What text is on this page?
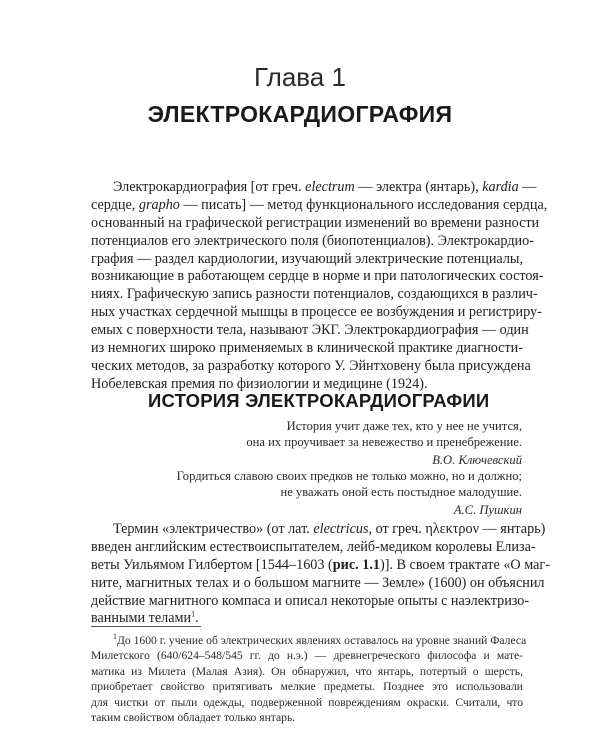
Глава 1
ЭЛЕКТРОКАРДИОГРАФИЯ
Электрокардиография [от греч. electrum — электра (янтарь), kardia —
сердце, grapho — писать] — метод функционального исследования сердца,
основанный на графической регистрации изменений во времени разности
потенциалов его электрического поля (биопотенциалов). Электрокардио-
графия — раздел кардиологии, изучающий электрические потенциалы,
возникающие в работающем сердце в норме и при патологических состоя-
ниях. Графическую запись разности потенциалов, создающихся в различ-
ных участках сердечной мышцы в процессе ее возбуждения и регистриру-
емых с поверхности тела, называют ЭКГ. Электрокардиография — один
из немногих широко применяемых в клинической практике диагности-
ческих методов, за разработку которого У. Эйнтховену была присуждена
Нобелевская премия по физиологии и медицине (1924).
ИСТОРИЯ ЭЛЕКТРОКАРДИОГРАФИИ
История учит даже тех, кто у нее не учится,
она их проучивает за невежество и пренебрежение.
В.О. Ключевский
Гордиться славою своих предков не только можно, но и должно;
не уважать оной есть постыдное малодушие.
А.С. Пушкин
Термин «электричество» (от лат. electricus, от греч. ηλεκτρον — янтарь)
введен английским естествоиспытателем, лейб-медиком королевы Елиза-
веты Уильямом Гилбертом [1544–1603 (рис. 1.1)]. В своем трактате «О маг-
ните, магнитных телах и о большом магните — Земле» (1600) он объяснил
действие магнитного компаса и описал некоторые опыты с наэлектризо-
ванными телами$^1$.
$^1$До 1600 г. учение об электрических явлениях оставалось на уровне знаний Фалеса
Милетского (640/624–548/545 гг. до н.э.) — древнегреческого философа и мате-
матика из Милета (Малая Азия). Он обнаружил, что янтарь, потертый о шерсть,
приобретает свойство притягивать мелкие предметы. Позднее это использовали
для чистки от пыли одежды, подверженной повреждениям окраски. Считали, что
таким свойством обладает только янтарь.
